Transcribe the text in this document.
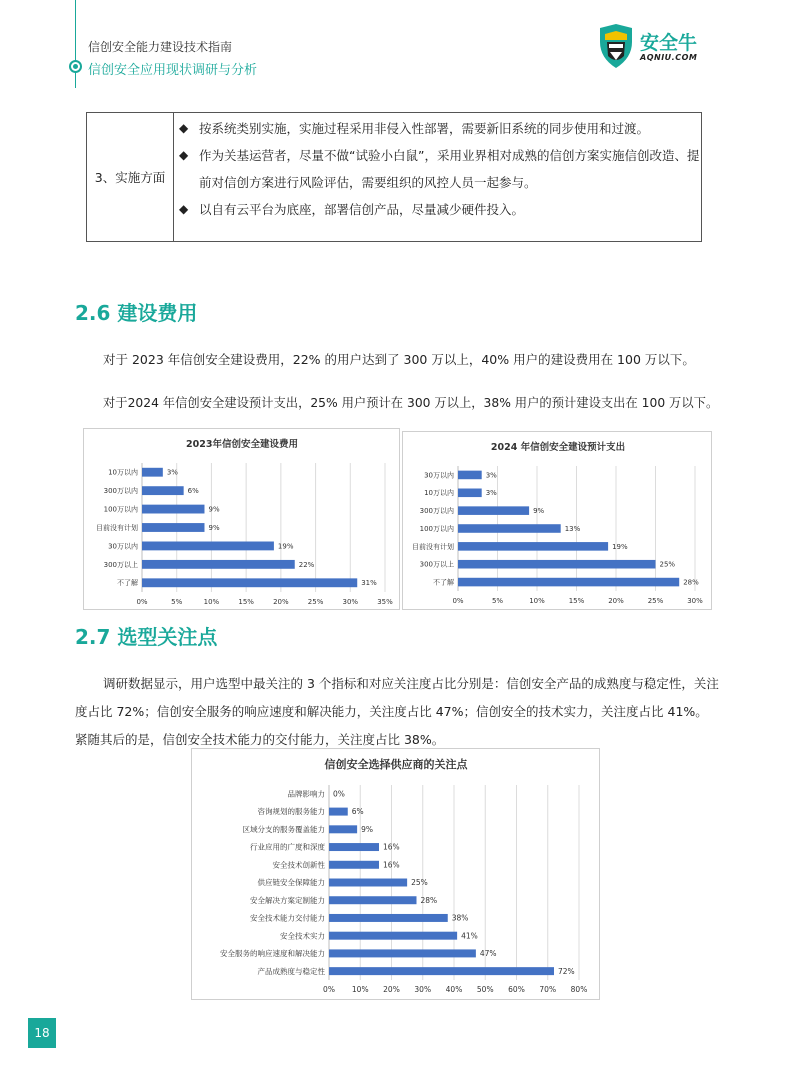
信创安全能力建设技术指南
信创安全应用现状调研与分析
安全牛
AQNIU.COM
3、实施方面
◆ 按系统类别实施，实施过程采用非侵入性部署，需要新旧系统的同步使用和过渡。
◆ 作为关基运营者，尽量不做“试验小白鼠”，采用业界相对成熟的信创方案实施信创改造、提前对信创方案进行风险评估，需要组织的风控人员一起参与。
◆ 以自有云平台为底座，部署信创产品，尽量减少硬件投入。
2.6 建设费用
对于 2023 年信创安全建设费用，22% 的用户达到了 300 万以上，40% 用户的建设费用在 100 万以下。
对于2024 年信创安全建设预计支出，25% 用户预计在 300 万以上，38% 用户的预计建设支出在 100 万以下。
2023年信创安全建设费用
0%	5%	10%	15%	20%	25%	30%	35%
10万以内	3%
300万以内	6%
100万以内	9%
目前没有计划	9%
30万以内	19%
300万以上	22%
不了解	31%
2024 年信创安全建设预计支出
0%	5%	10%	15%	20%	25%	30%
30万以内	3%
10万以内	3%
300万以内	9%
100万以内	13%
目前没有计划	19%
300万以上	25%
不了解	28%
2.7 选型关注点
调研数据显示，用户选型中最关注的 3 个指标和对应关注度占比分别是：信创安全产品的成熟度与稳定性，关注度占比 72%；信创安全服务的响应速度和解决能力，关注度占比 47%；信创安全的技术实力，关注度占比 41%。紧随其后的是，信创安全技术能力的交付能力，关注度占比 38%。
信创安全选择供应商的关注点
0% 10% 20% 30% 40% 50% 60% 70% 80%
品牌影响力 0%
咨询规划的服务能力	6%
区域分支的服务覆盖能力	9%
行业应用的广度和深度	16%
安全技术创新性	16%
供应链安全保障能力	25%
安全解决方案定制能力	28%
安全技术能力交付能力	38%
安全技术实力	41%
安全服务的响应速度和解决能力	47%
产品成熟度与稳定性	72%
18
